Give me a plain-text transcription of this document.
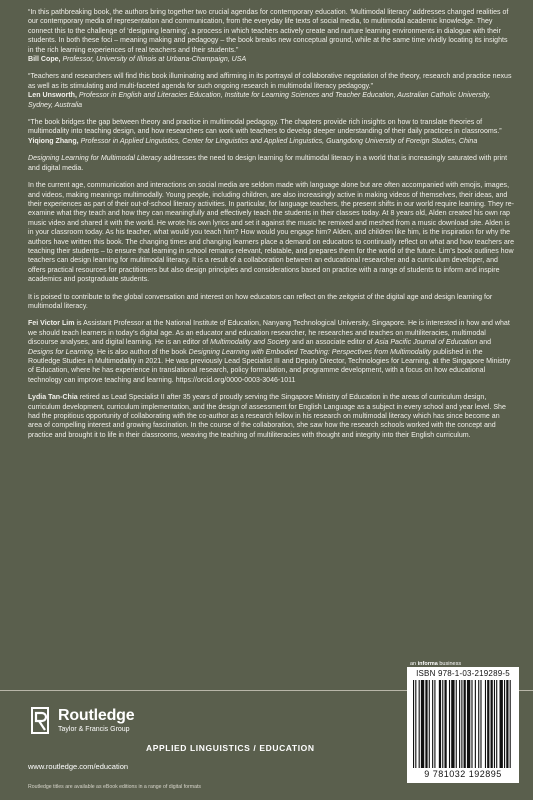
“In this pathbreaking book, the authors bring together two crucial agendas for contemporary education. ‘Multimodal literacy’ addresses changed realities of our contemporary media of representation and communication, from the everyday life texts of social media, to multimodal academic knowledge. They connect this to the challenge of ‘designing learning’, a process in which teachers actively create and nurture learning environments in dialogue with their students. In both these foci – meaning making and pedagogy – the book breaks new conceptual ground, while at the same time vividly locating its insights in the rich learning experiences of real teachers and their students.”
Bill Cope, Professor, University of Illinois at Urbana-Champaign, USA
“Teachers and researchers will find this book illuminating and affirming in its portrayal of collaborative negotiation of the theory, research and practice nexus as well as its stimulating and multi-faceted agenda for such ongoing research in multimodal literacy pedagogy.”
Len Unsworth, Professor in English and Literacies Education, Institute for Learning Sciences and Teacher Education, Australian Catholic University, Sydney, Australia
“The book bridges the gap between theory and practice in multimodal pedagogy. The chapters provide rich insights on how to translate theories of multimodality into teaching design, and how researchers can work with teachers to develop deeper understanding of their daily practices in classrooms.”
Yiqiong Zhang, Professor in Applied Linguistics, Center for Linguistics and Applied Linguistics, Guangdong University of Foreign Studies, China

Designing Learning for Multimodal Literacy addresses the need to design learning for multimodal literacy in a world that is increasingly saturated with print and digital media.

In the current age, communication and interactions on social media are seldom made with language alone but are often accompanied with emojis, images, and videos, making meanings multimodally. Young people, including children, are also increasingly active in making videos of themselves, their ideas, and their experiences as part of their out-of-school literacy activities. In particular, for language teachers, the present shifts in our world require learning. They re-examine what they teach and how they can meaningfully and effectively teach the students in their classes today. At 8 years old, Alden created his own rap music video and shared it with the world. He wrote his own lyrics and set it against the music he remixed and meshed from a music download site. Alden is in your classroom today. As his teacher, what would you teach him? How would you engage him? Alden, and children like him, is the inspiration for why the authors have written this book. The changing times and changing learners place a demand on educators to continually reflect on what and how teachers are teaching their students – to ensure that learning in school remains relevant, relatable, and prepares them for the world of the future. Lim’s book outlines how teachers can design learning for multimodal literacy. It is a result of a collaboration between an educational researcher and a curriculum developer, and offers practical resources for practitioners but also design principles and considerations based on practice with a range of students to inform and inspire academics and postgraduate students.

It is poised to contribute to the global conversation and interest on how educators can reflect on the zeitgeist of the digital age and design learning for multimodal literacy.

Fei Victor Lim is Assistant Professor at the National Institute of Education, Nanyang Technological University, Singapore. He is interested in how and what we should teach learners in today’s digital age. As an educator and education researcher, he researches and teaches on multiliteracies, multimodal discourse analyses, and digital learning. He is an editor of Multimodality and Society and an associate editor of Asia Pacific Journal of Education and Designs for Learning. He is also author of the book Designing Learning with Embodied Teaching: Perspectives from Multimodality published in the Routledge Studies in Multimodality in 2021. He was previously Lead Specialist III and Deputy Director, Technologies for Learning, at the Singapore Ministry of Education, where he has experience in translational research, policy formulation, and programme development, with a focus on how educational technology can improve teaching and learning. https://orcid.org/0000-0003-3046-1011

Lydia Tan-Chia retired as Lead Specialist II after 35 years of proudly serving the Singapore Ministry of Education in the areas of curriculum design, curriculum development, curriculum implementation, and the design of assessment for English Language as a subject in every school and year level. She had the propitious opportunity of collaborating with the co-author as a research fellow in his research on multimodal literacy which has since become an area of compelling interest and growing fascination. In the course of the collaboration, she saw how the research schools worked with the concept and practice and brought it to life in their classrooms, weaving the teaching of multiliteracies with thought and integrity into their English curriculum.

an informa business
Routledge
Taylor & Francis Group
APPLIED LINGUISTICS / EDUCATION
www.routledge.com/education
Routledge titles are available as eBook editions in a range of digital formats
ISBN 978-1-03-219289-5
9 781032 192895
